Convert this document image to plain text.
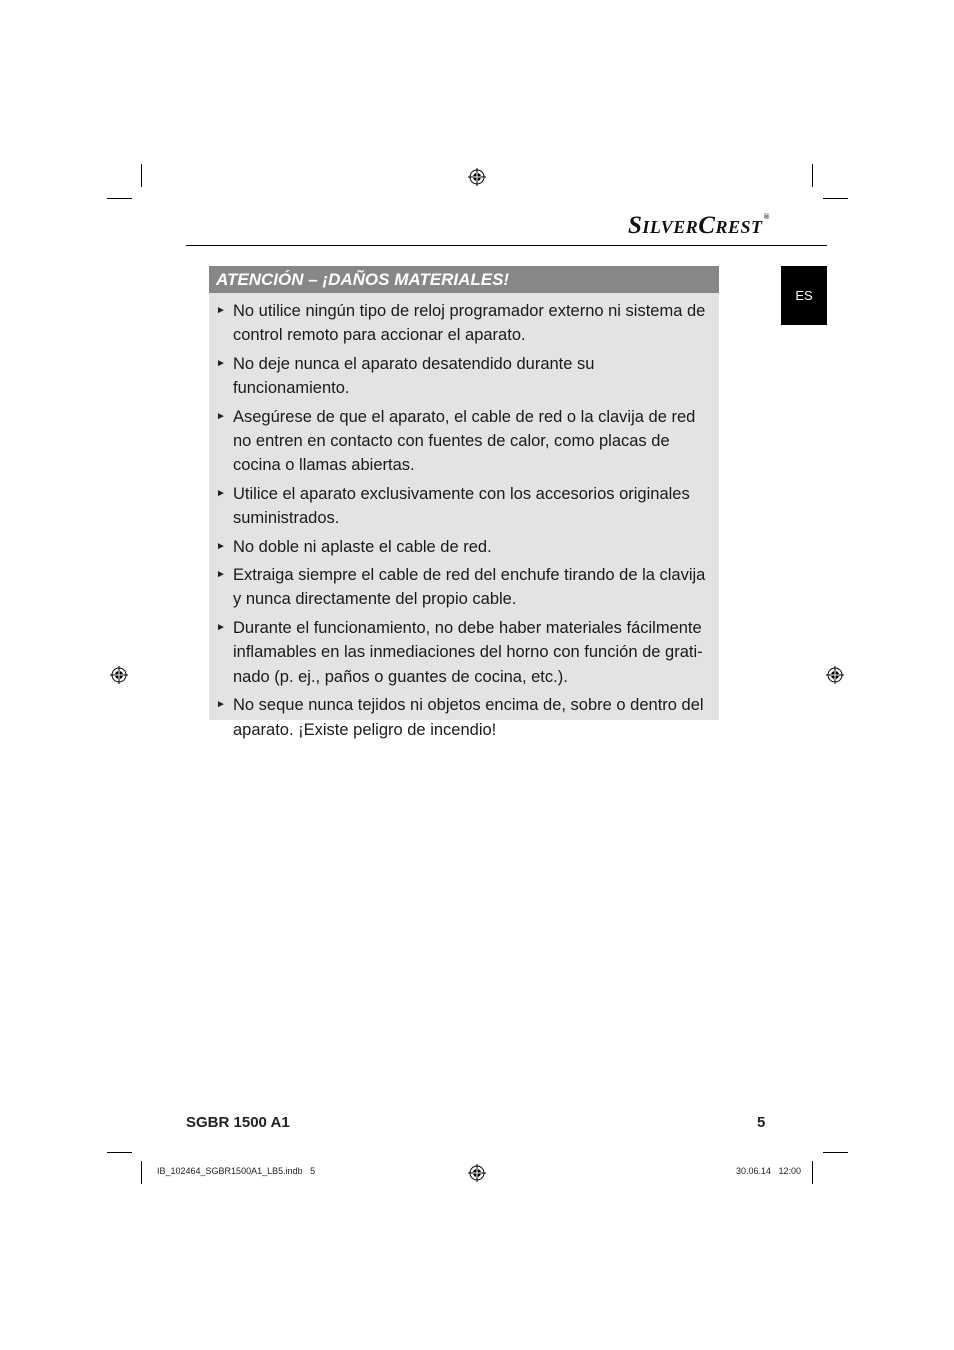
SILVERCREST®
ES
ATENCIÓN – ¡DAÑOS MATERIALES!
► No utilice ningún tipo de reloj programador externo ni sistema de control remoto para accionar el aparato.
► No deje nunca el aparato desatendido durante su funcionamiento.
► Asegúrese de que el aparato, el cable de red o la clavija de red no entren en contacto con fuentes de calor, como placas de cocina o llamas abiertas.
► Utilice el aparato exclusivamente con los accesorios originales suministrados.
► No doble ni aplaste el cable de red.
► Extraiga siempre el cable de red del enchufe tirando de la clavija y nunca directamente del propio cable.
► Durante el funcionamiento, no debe haber materiales fácilmente inflamables en las inmediaciones del horno con función de grati-nado (p. ej., paños o guantes de cocina, etc.).
► No seque nunca tejidos ni objetos encima de, sobre o dentro del aparato. ¡Existe peligro de incendio!
SGBR 1500 A1	5
IB_102464_SGBR1500A1_LB5.indb   5	30.06.14   12:00
